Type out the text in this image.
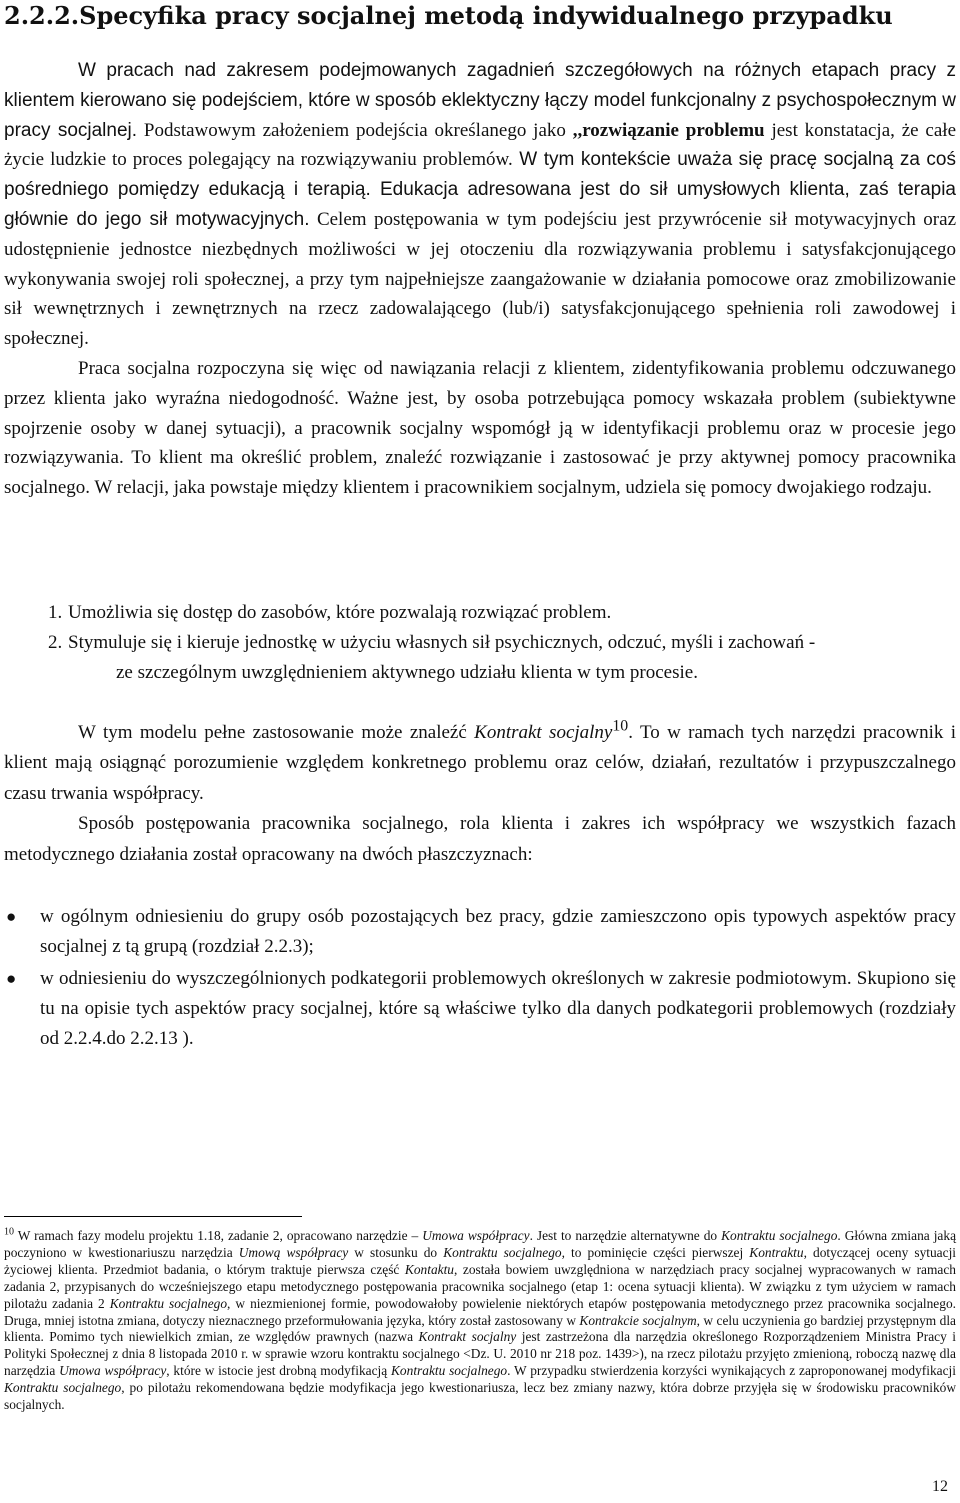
2.2.2.Specyfika pracy socjalnej metodą indywidualnego przypadku

W pracach nad zakresem podejmowanych zagadnień szczegółowych na różnych etapach pracy z klientem kierowano się podejściem, które w sposób eklektyczny łączy model funkcjonalny z psychospołecznym w pracy socjalnej. Podstawowym założeniem podejścia określanego jako ,,rozwiązanie problemu jest konstatacja, że całe życie ludzkie to proces polegający na rozwiązywaniu problemów. W tym kontekście uważa się pracę socjalną za coś pośredniego pomiędzy edukacją i terapią. Edukacja adresowana jest do sił umysłowych klienta, zaś terapia głównie do jego sił motywacyjnych. Celem postępowania w tym podejściu jest przywrócenie sił motywacyjnych oraz udostępnienie jednostce niezbędnych możliwości w jej otoczeniu dla rozwiązywania problemu i satysfakcjonującego wykonywania swojej roli społecznej, a przy tym najpełniejsze zaangażowanie w działania pomocowe oraz zmobilizowanie sił wewnętrznych i zewnętrznych na rzecz zadowalającego (lub/i) satysfakcjonującego spełnienia roli zawodowej i społecznej.

Praca socjalna rozpoczyna się więc od nawiązania relacji z klientem, zidentyfikowania problemu odczuwanego przez klienta jako wyraźna niedogodność. Ważne jest, by osoba potrzebująca pomocy wskazała problem (subiektywne spojrzenie osoby w danej sytuacji), a pracownik socjalny wspomógł ją w identyfikacji problemu oraz w procesie jego rozwiązywania. To klient ma określić problem, znaleźć rozwiązanie i zastosować je przy aktywnej pomocy pracownika socjalnego. W relacji, jaka powstaje między klientem i pracownikiem socjalnym, udziela się pomocy dwojakiego rodzaju.

1. Umożliwia się dostęp do zasobów, które pozwalają rozwiązać problem.
2. Stymuluje się i kieruje jednostkę w użyciu własnych sił psychicznych, odczuć, myśli i zachowań -
ze szczególnym uwzględnieniem aktywnego udziału klienta w tym procesie.

W tym modelu pełne zastosowanie może znaleźć Kontrakt socjalny$^{10}$. To w ramach tych narzędzi pracownik i klient mają osiągnąć porozumienie względem konkretnego problemu oraz celów, działań, rezultatów i przypuszczalnego czasu trwania współpracy.

Sposób postępowania pracownika socjalnego, rola klienta i zakres ich współpracy we wszystkich fazach metodycznego działania został opracowany na dwóch płaszczyznach:

● w ogólnym odniesieniu do grupy osób pozostających bez pracy, gdzie zamieszczono opis typowych aspektów pracy socjalnej z tą grupą (rozdział 2.2.3);
● w odniesieniu do wyszczególnionych podkategorii problemowych określonych w zakresie podmiotowym. Skupiono się tu na opisie tych aspektów pracy socjalnej, które są właściwe tylko dla danych podkategorii problemowych (rozdziały od 2.2.4.do 2.2.13 ).
$^{10}$ W ramach fazy modelu projektu 1.18, zadanie 2, opracowano narzędzie – Umowa współpracy. Jest to narzędzie alternatywne do Kontraktu socjalnego. Główna zmiana jaką poczyniono w kwestionariuszu narzędzia Umową współpracy w stosunku do Kontraktu socjalnego, to pominięcie części pierwszej Kontraktu, dotyczącej oceny sytuacji życiowej klienta. Przedmiot badania, o którym traktuje pierwsza część Kontaktu, została bowiem uwzględniona w narzędziach pracy socjalnej wypracowanych w ramach zadania 2, przypisanych do wcześniejszego etapu metodycznego postępowania pracownika socjalnego (etap 1: ocena sytuacji klienta). W związku z tym użyciem w ramach pilotażu zadania 2 Kontraktu socjalnego, w niezmienionej formie, powodowałoby powielenie niektórych etapów postępowania metodycznego przez pracownika socjalnego. Druga, mniej istotna zmiana, dotyczy nieznacznego przeformułowania języka, który został zastosowany w Kontrakcie socjalnym, w celu uczynienia go bardziej przystępnym dla klienta. Pomimo tych niewielkich zmian, ze względów prawnych (nazwa Kontrakt socjalny jest zastrzeżona dla narzędzia określonego Rozporządzeniem Ministra Pracy i Polityki Społecznej z dnia 8 listopada 2010 r. w sprawie wzoru kontraktu socjalnego <Dz. U. 2010 nr 218 poz. 1439>), na rzecz pilotażu przyjęto zmienioną, roboczą nazwę dla narzędzia Umowa współpracy, które w istocie jest drobną modyfikacją Kontraktu socjalnego. W przypadku stwierdzenia korzyści wynikających z zaproponowanej modyfikacji Kontraktu socjalnego, po pilotażu rekomendowana będzie modyfikacja jego kwestionariusza, lecz bez zmiany nazwy, która dobrze przyjęła się w środowisku pracowników socjalnych.
12
